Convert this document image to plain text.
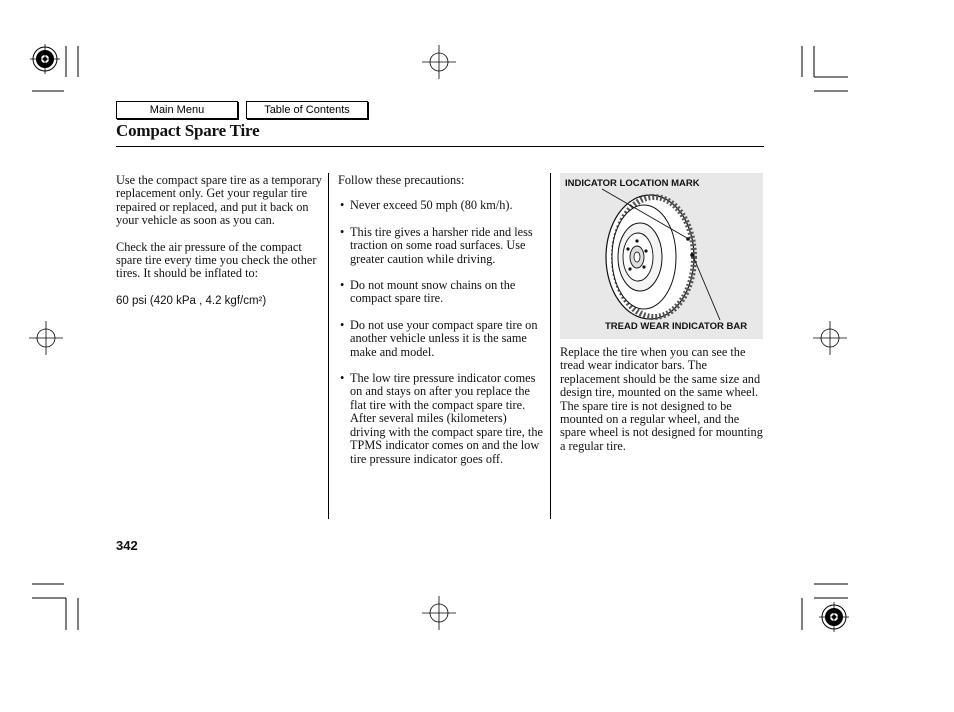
Main Menu	Table of Contents
Compact Spare Tire

Use the compact spare tire as a temporary replacement only. Get your regular tire repaired or replaced, and put it back on your vehicle as soon as you can.

Check the air pressure of the compact spare tire every time you check the other tires. It should be inflated to:

60 psi (420 kPa , 4.2 kgf/cm²)

Follow these precautions:

• Never exceed 50 mph (80 km/h).
• This tire gives a harsher ride and less traction on some road surfaces. Use greater caution while driving.
• Do not mount snow chains on the compact spare tire.
• Do not use your compact spare tire on another vehicle unless it is the same make and model.
• The low tire pressure indicator comes on and stays on after you replace the flat tire with the compact spare tire. After several miles (kilometers) driving with the compact spare tire, the TPMS indicator comes on and the low tire pressure indicator goes off.
INDICATOR LOCATION MARK
TREAD WEAR INDICATOR BAR

Replace the tire when you can see the tread wear indicator bars. The replacement should be the same size and design tire, mounted on the same wheel. The spare tire is not designed to be mounted on a regular wheel, and the spare wheel is not designed for mounting a regular tire.

342
